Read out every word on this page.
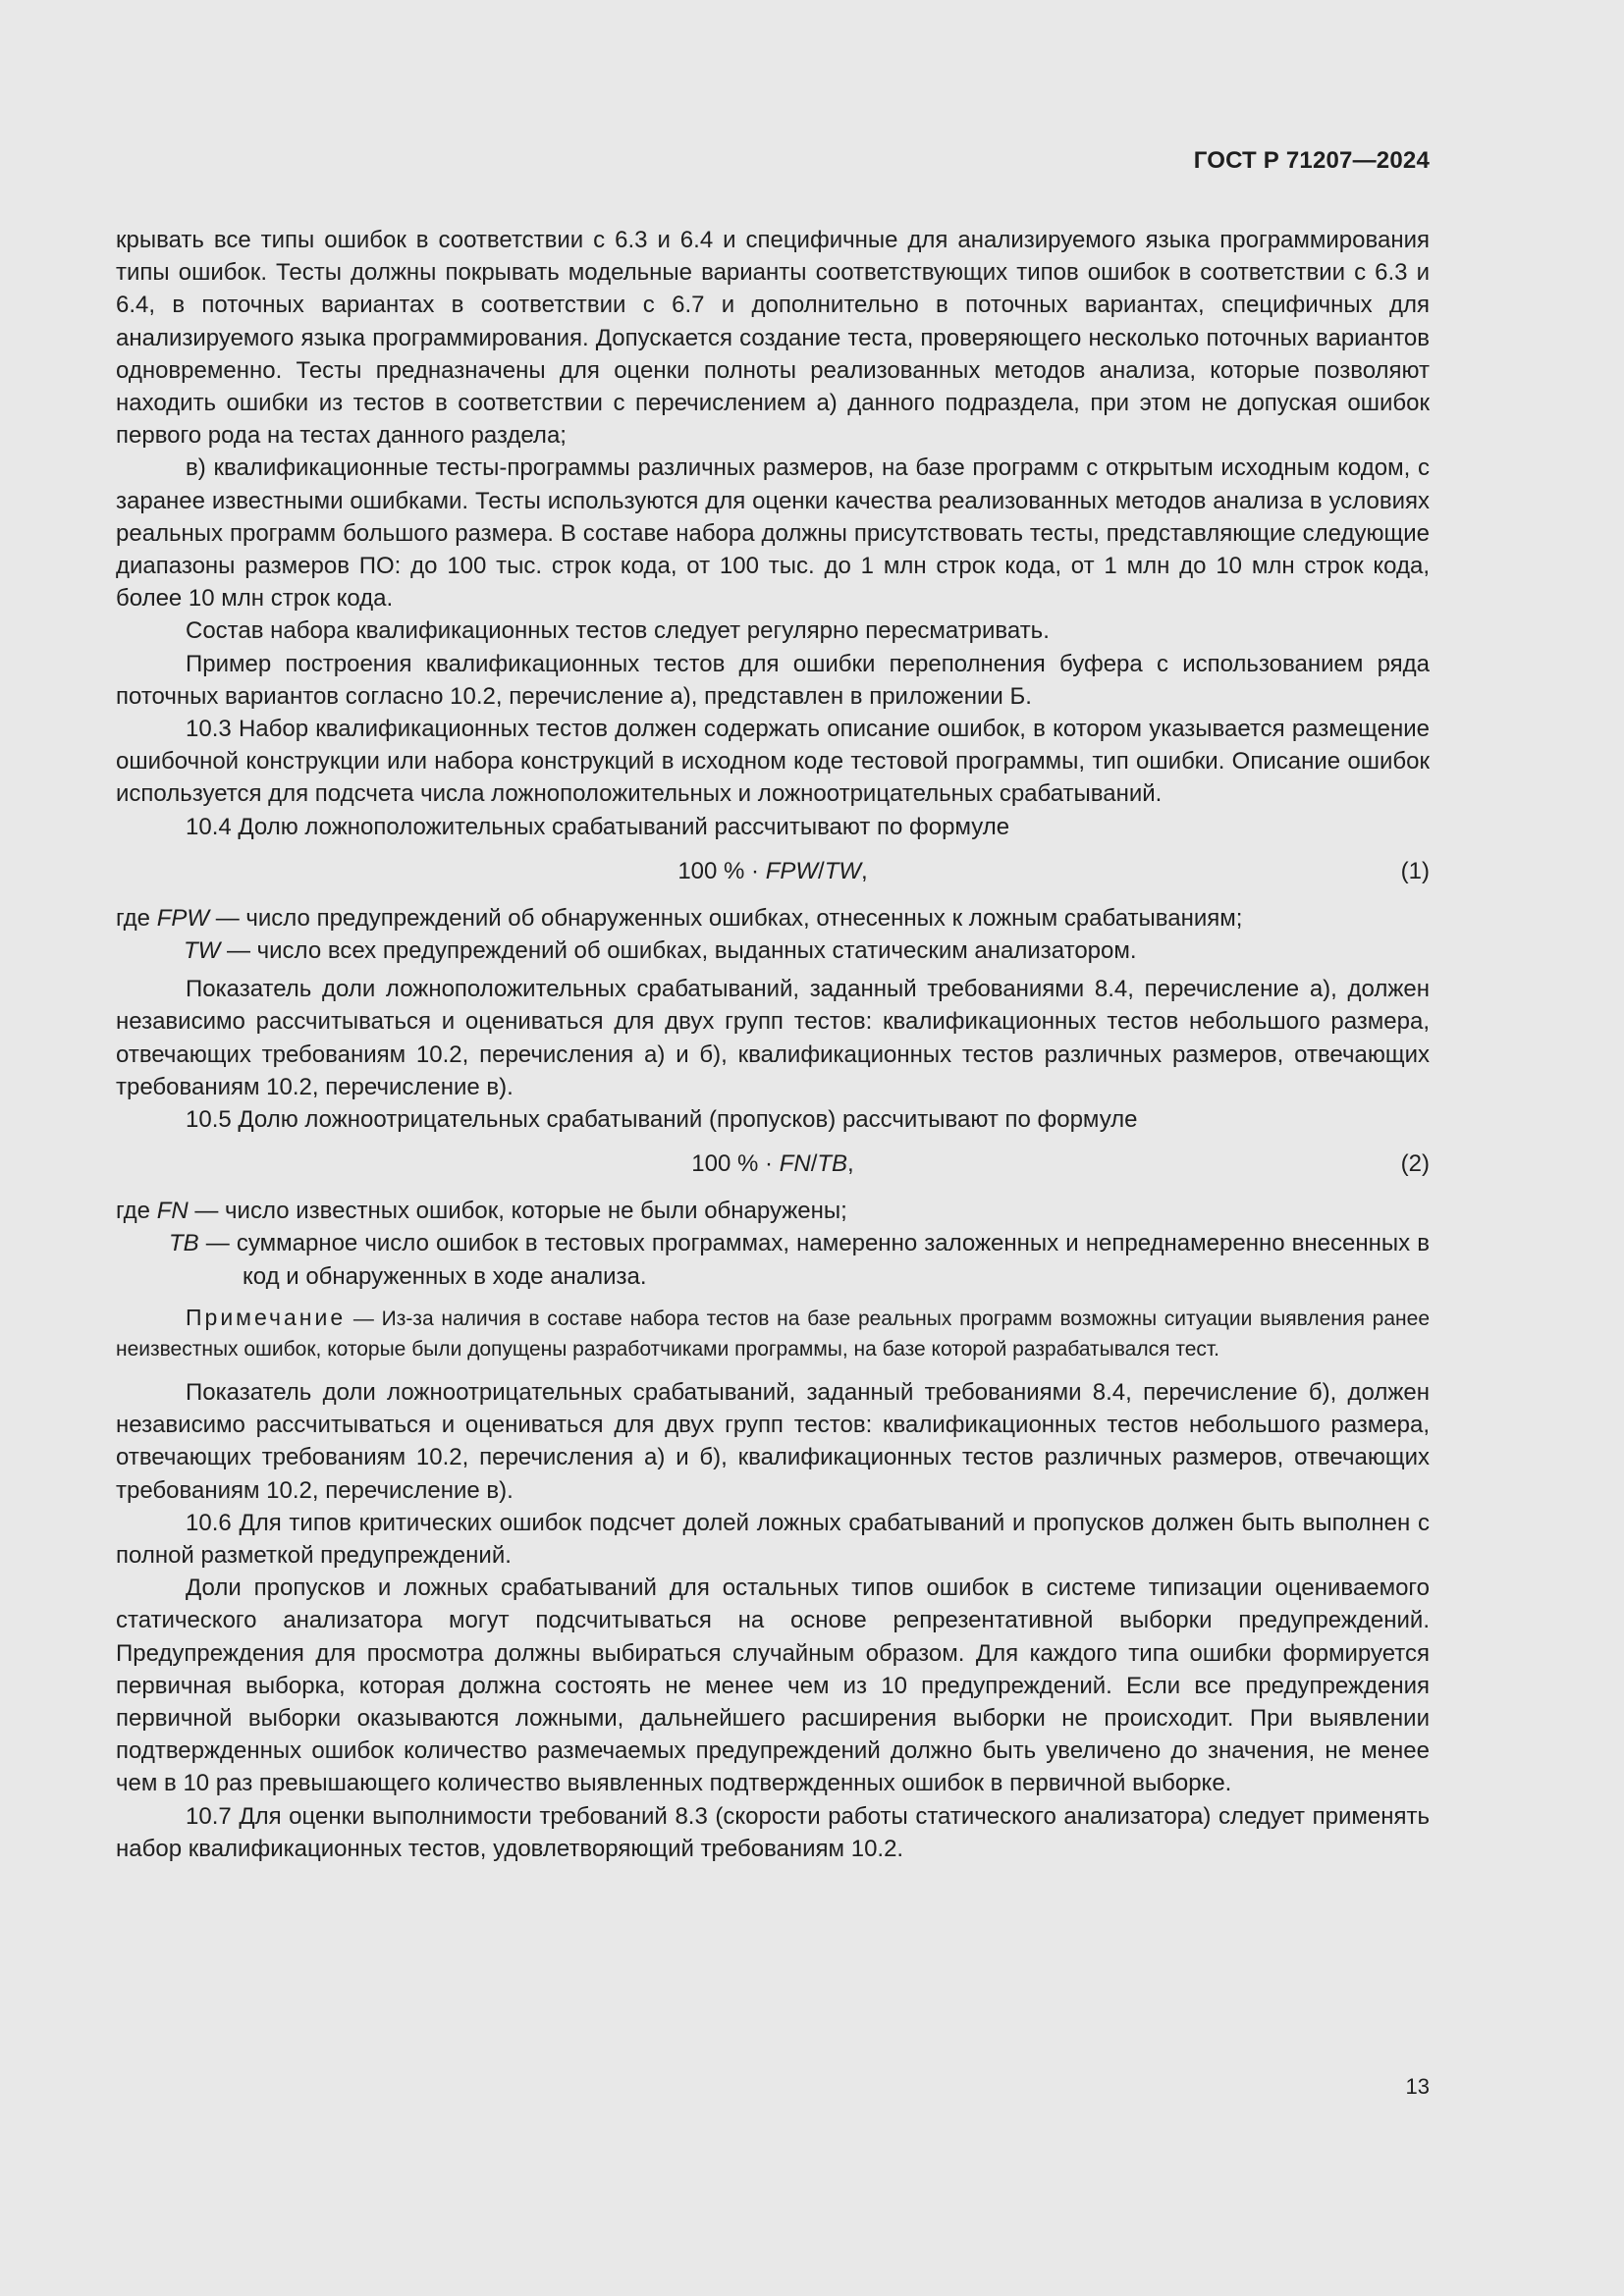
ГОСТ Р 71207—2024

крывать все типы ошибок в соответствии с 6.3 и 6.4 и специфичные для анализируемого языка программирования типы ошибок. Тесты должны покрывать модельные варианты соответствующих типов ошибок в соответствии с 6.3 и 6.4, в поточных вариантах в соответствии с 6.7 и дополнительно в поточных вариантах, специфичных для анализируемого языка программирования. Допускается создание теста, проверяющего несколько поточных вариантов одновременно. Тесты предназначены для оценки полноты реализованных методов анализа, которые позволяют находить ошибки из тестов в соответствии с перечислением а) данного подраздела, при этом не допуская ошибок первого рода на тестах данного раздела;

в) квалификационные тесты-программы различных размеров, на базе программ с открытым исходным кодом, с заранее известными ошибками. Тесты используются для оценки качества реализованных методов анализа в условиях реальных программ большого размера. В составе набора должны присутствовать тесты, представляющие следующие диапазоны размеров ПО: до 100 тыс. строк кода, от 100 тыс. до 1 млн строк кода, от 1 млн до 10 млн строк кода, более 10 млн строк кода.

Состав набора квалификационных тестов следует регулярно пересматривать.

Пример построения квалификационных тестов для ошибки переполнения буфера с использованием ряда поточных вариантов согласно 10.2, перечисление а), представлен в приложении Б.

10.3 Набор квалификационных тестов должен содержать описание ошибок, в котором указывается размещение ошибочной конструкции или набора конструкций в исходном коде тестовой программы, тип ошибки. Описание ошибок используется для подсчета числа ложноположительных и ложноотрицательных срабатываний.

10.4 Долю ложноположительных срабатываний рассчитывают по формуле

100 % · FPW/TW,	(1)

где FPW — число предупреждений об обнаруженных ошибках, отнесенных к ложным срабатываниям;

TW — число всех предупреждений об ошибках, выданных статическим анализатором.

Показатель доли ложноположительных срабатываний, заданный требованиями 8.4, перечисление а), должен независимо рассчитываться и оцениваться для двух групп тестов: квалификационных тестов небольшого размера, отвечающих требованиям 10.2, перечисления а) и б), квалификационных тестов различных размеров, отвечающих требованиям 10.2, перечисление в).

10.5 Долю ложноотрицательных срабатываний (пропусков) рассчитывают по формуле

100 % · FN/TB,	(2)

где FN — число известных ошибок, которые не были обнаружены;

TB — суммарное число ошибок в тестовых программах, намеренно заложенных и непреднамеренно внесенных в код и обнаруженных в ходе анализа.

Примечание — Из-за наличия в составе набора тестов на базе реальных программ возможны ситуации выявления ранее неизвестных ошибок, которые были допущены разработчиками программы, на базе которой разрабатывался тест.

Показатель доли ложноотрицательных срабатываний, заданный требованиями 8.4, перечисление б), должен независимо рассчитываться и оцениваться для двух групп тестов: квалификационных тестов небольшого размера, отвечающих требованиям 10.2, перечисления а) и б), квалификационных тестов различных размеров, отвечающих требованиям 10.2, перечисление в).

10.6 Для типов критических ошибок подсчет долей ложных срабатываний и пропусков должен быть выполнен с полной разметкой предупреждений.

Доли пропусков и ложных срабатываний для остальных типов ошибок в системе типизации оцениваемого статического анализатора могут подсчитываться на основе репрезентативной выборки предупреждений. Предупреждения для просмотра должны выбираться случайным образом. Для каждого типа ошибки формируется первичная выборка, которая должна состоять не менее чем из 10 предупреждений. Если все предупреждения первичной выборки оказываются ложными, дальнейшего расширения выборки не происходит. При выявлении подтвержденных ошибок количество размечаемых предупреждений должно быть увеличено до значения, не менее чем в 10 раз превышающего количество выявленных подтвержденных ошибок в первичной выборке.

10.7 Для оценки выполнимости требований 8.3 (скорости работы статического анализатора) следует применять набор квалификационных тестов, удовлетворяющий требованиям 10.2.

13
